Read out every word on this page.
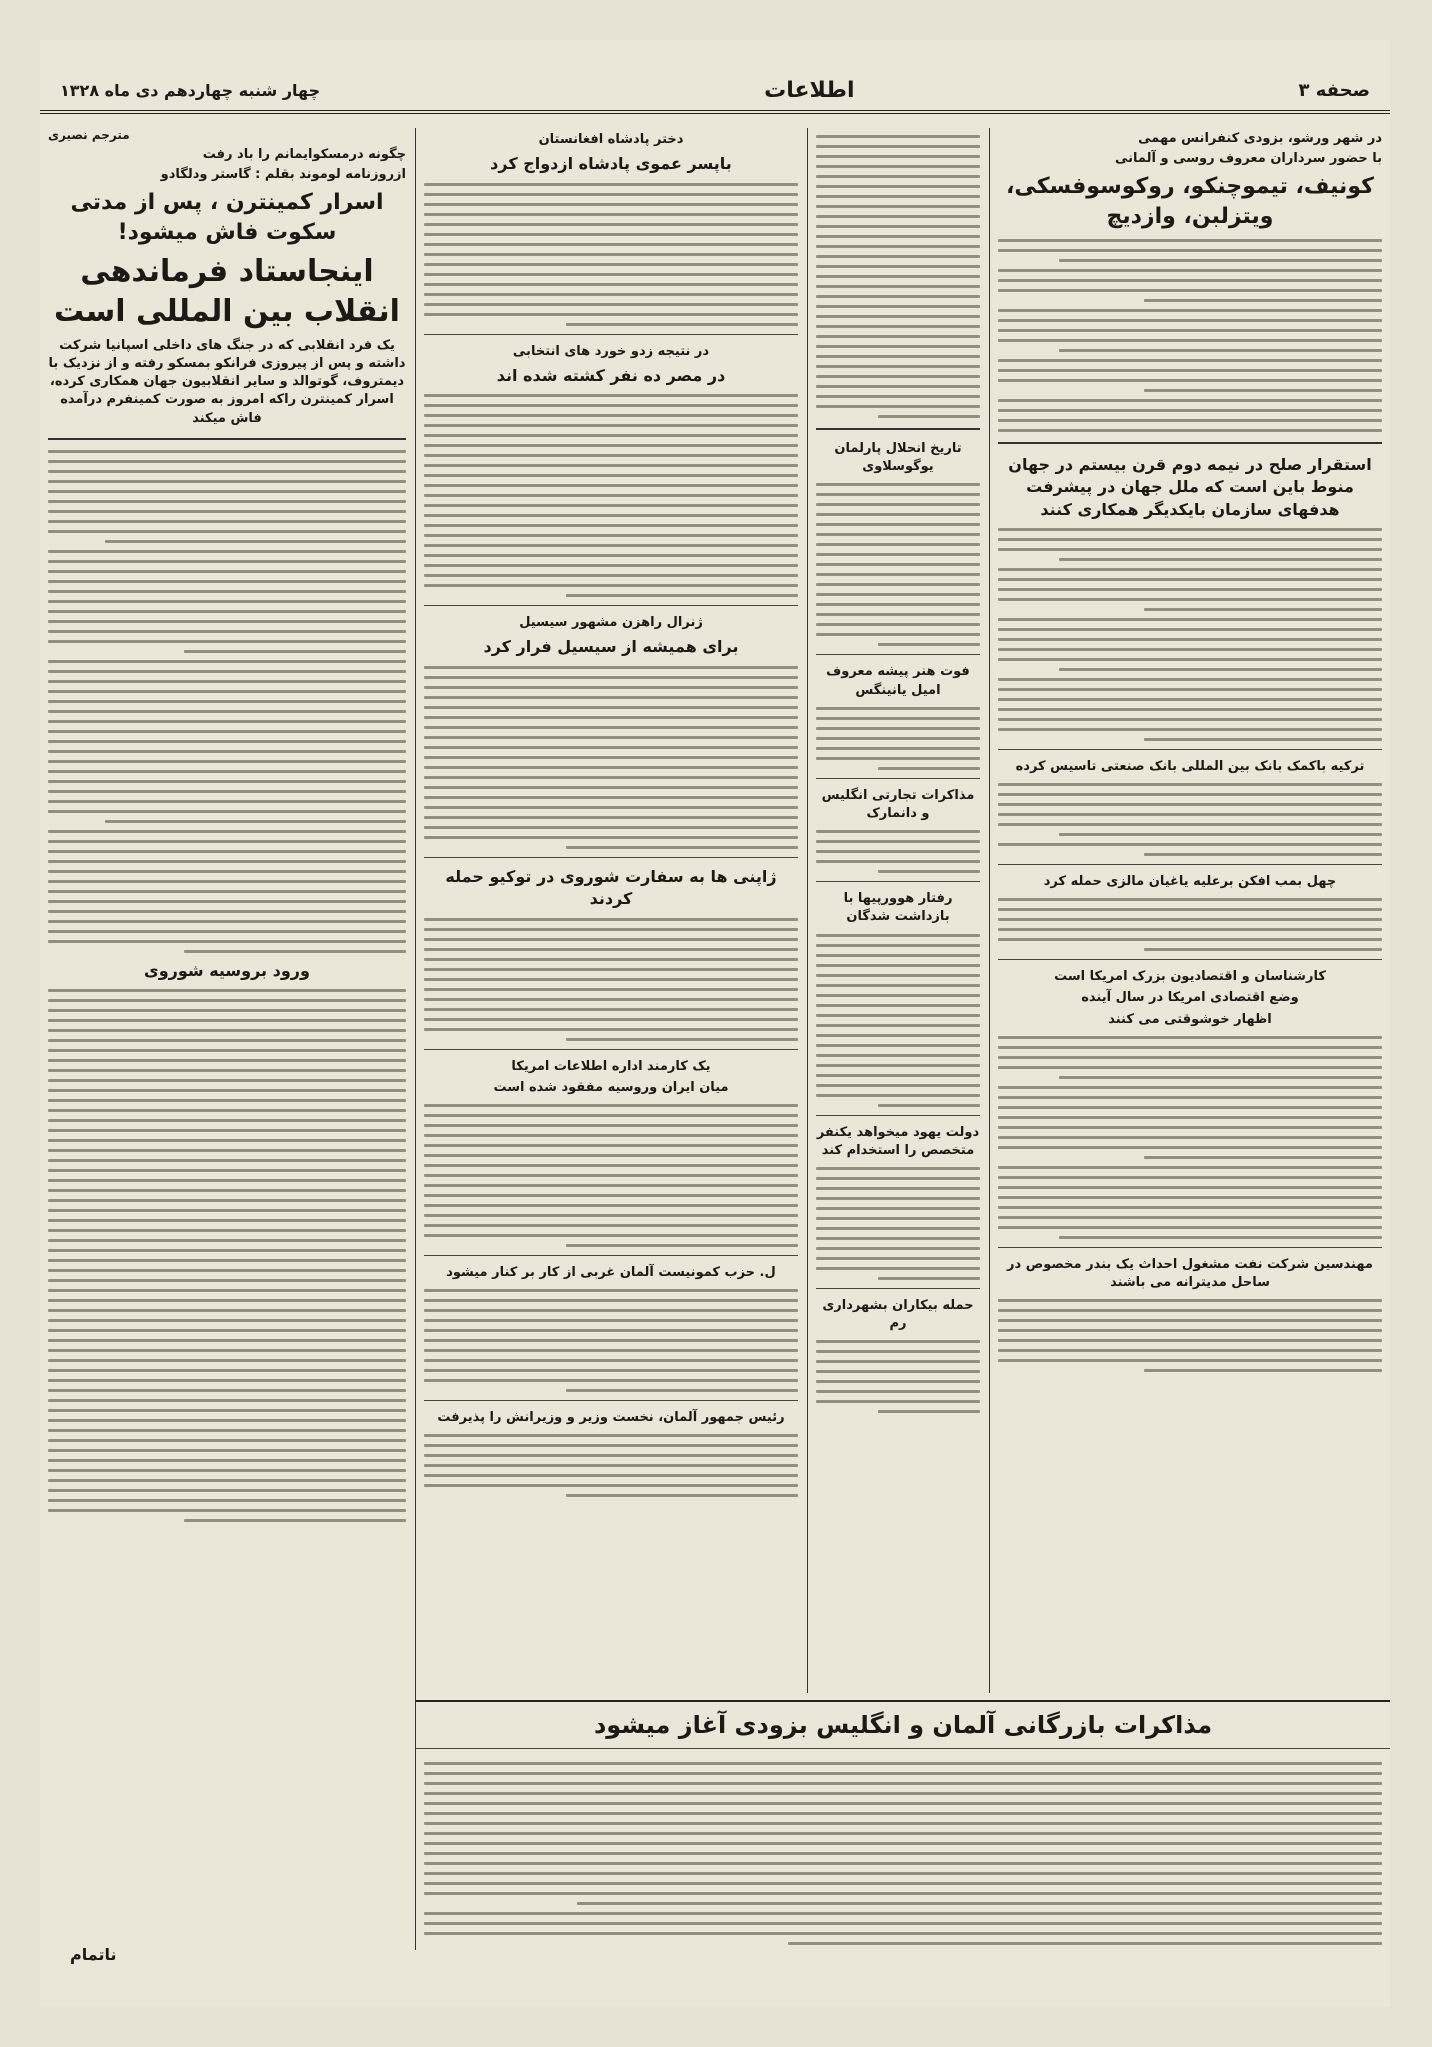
صحفه ۳
اطلاعات
چهار شنبه چهاردهم دی ماه ۱۳۲۸
در شهر ورشو، بزودی کنفرانس مهمی
با حضور سرداران معروف روسی و آلمانی
کونیف، تیموچنکو، روکوسوفسکی، ویتزلبن، وازدیچ
استقرار صلح در نیمه دوم قرن بیستم در جهان منوط باین است که ملل جهان در پیشرفت هدفهای سازمان بایکدیگر همکاری کنند
ترکیه باکمک بانک بین المللی بانک صنعتی تاسیس کرده
چهل بمب افکن برعلیه یاغیان مالزی حمله کرد
کارشناسان و اقتصادیون بزرک امریکا است
وضع اقتصادی امریکا در سال آینده
اظهار خوشوقتی می کنند
مهندسین شرکت نفت مشغول احداث یک بندر مخصوص در ساحل مدیترانه می باشند
تاریخ انحلال پارلمان یوگوسلاوی
فوت هنر پیشه معروف امیل یانینگس
مذاکرات تجارتی انگلیس و دانمارک
رفتار هوورپیها با بازداشت شدگان
دولت یهود میخواهد یکنفر متخصص را استخدام کند
حمله بیکاران بشهرداری رم
دختر پادشاه افغانستان
باپسر عموی پادشاه ازدواج کرد
در نتیجه زدو خورد های انتخابی
در مصر ده نفر کشته شده اند
ژنرال راهزن مشهور سیسیل
برای همیشه از سیسیل فرار کرد
ژاپنی ها به سفارت شوروی در توکیو حمله کردند
یک کارمند اداره اطلاعات امریکا
میان ایران وروسیه مفقود شده است
ل. حزب کمونیست آلمان غربی از کار بر کنار میشود
رئیس جمهور آلمان، نخست وزیر و وزیرانش را پذیرفت
مترجم نصیری
چگونه درمسکوایمانم را باد رفت
ازروزنامه لوموند بقلم : گاستر ودلگادو
اسرار کمینترن ، پس از مدتی سکوت فاش میشود!
اینجاستاد فرماندهی انقلاب بین المللی است
یک فرد انقلابی که در جنگ های داخلی اسپانیا شرکت داشته و پس از پیروزی فرانکو بمسکو رفته و از نزدیک با دیمتروف، گوتوالد و سایر انقلابیون جهان همکاری کرده، اسرار کمینترن راکه امروز به صورت کمینفرم درآمده فاش میکند
ورود بروسیه شوروی
مذاکرات بازرگانی آلمان و انگلیس بزودی آغاز میشود
ناتمام
